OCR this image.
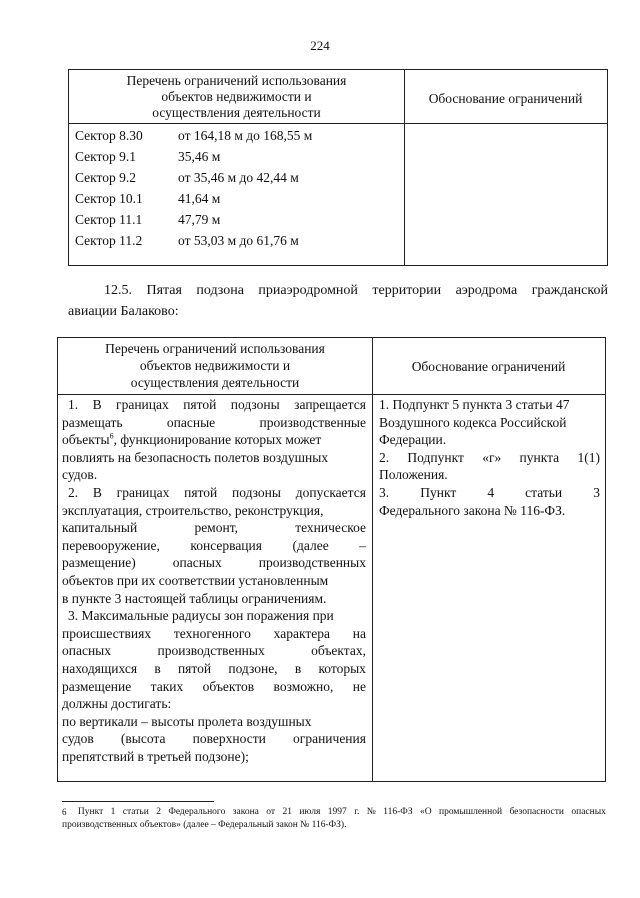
224
Перечень ограничений использования
объектов недвижимости и
осуществления деятельности
Обоснование ограничений
Сектор 8.30	от 164,18 м до 168,55 м
Сектор 9.1	35,46 м
Сектор 9.2	от 35,46 м до 42,44 м
Сектор 10.1	41,64 м
Сектор 11.1	47,79 м
Сектор 11.2	от 53,03 м до 61,76 м
12.5. Пятая подзона приаэродромной территории аэродрома гражданской
авиации Балаково:
Перечень ограничений использования
объектов недвижимости и
осуществления деятельности
Обоснование ограничений
1. В границах пятой подзоны запрещается
размещать	опасные	производственные
объекты$^6$, функционирование которых может
повлиять на безопасность полетов воздушных
судов.
2. В границах пятой подзоны допускается
эксплуатация, строительство, реконструкция,
капитальный	ремонт,	техническое
перевооружение, консервация (далее –
размещение)	опасных	производственных
объектов при их соответствии установленным
в пункте 3 настоящей таблицы ограничениям.
3. Максимальные радиусы зон поражения при
происшествиях техногенного характера на
опасных	производственных	объектах,
находящихся в пятой подзоне, в которых
размещение таких объектов возможно, не
должны достигать:
по вертикали – высоты пролета воздушных
судов (высота поверхности ограничения
препятствий в третьей подзоне);
1. Подпункт 5 пункта 3 статьи 47
Воздушного кодекса Российской
Федерации.
2. Подпункт «г» пункта 1(1)
Положения.
3. Пункт 4 статьи 3
Федерального закона № 116-ФЗ.
6 Пункт 1 статьи 2 Федерального закона от 21 июля 1997 г. № 116-ФЗ «О промышленной безопасности опасных
производственных объектов» (далее – Федеральный закон № 116-ФЗ).
